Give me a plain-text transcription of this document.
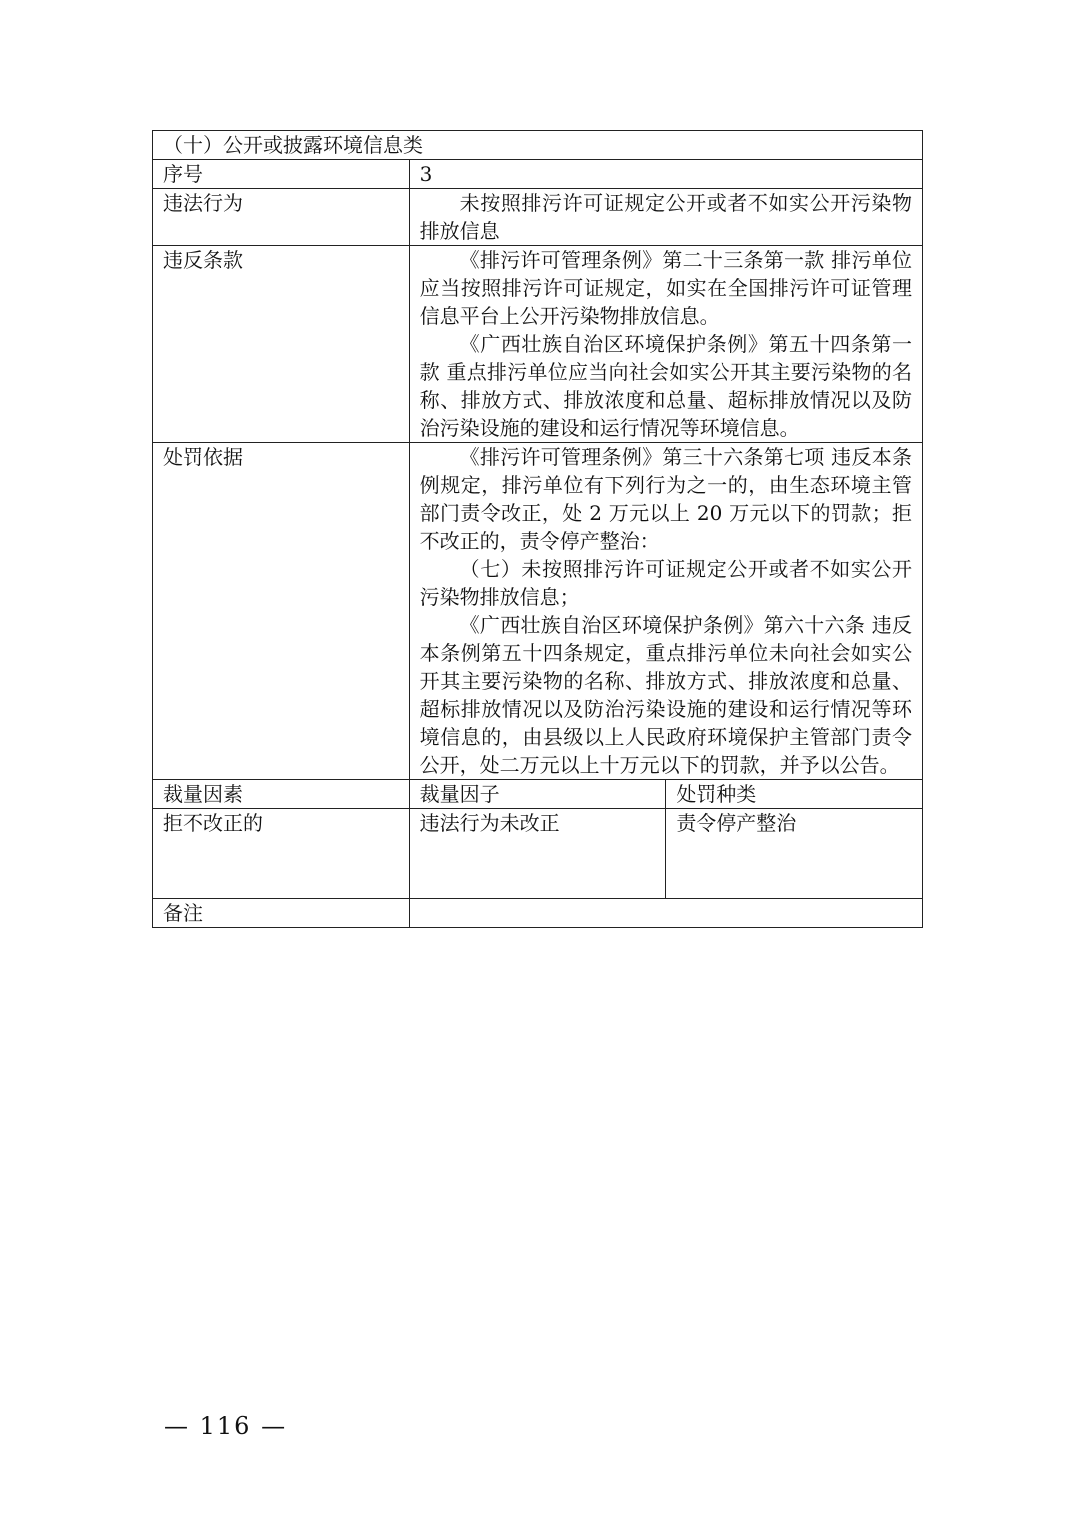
（十）公开或披露环境信息类		
序号	3	
违法行为	未按照排污许可证规定公开或者不如实公开污染物排放信息	

违反条款	《排污许可管理条例》第二十三条第一款 排污单位应当按照排污许可证规定，如实在全国排污许可证管理信息平台上公开污染物排放信息。

《广西壮族自治区环境保护条例》第五十四条第一款 重点排污单位应当向社会如实公开其主要污染物的名称、排放方式、排放浓度和总量、超标排放情况以及防治污染设施的建设和运行情况等环境信息。	

处罚依据	《排污许可管理条例》第三十六条第七项 违反本条例规定，排污单位有下列行为之一的，由生态环境主管部门责令改正，处 2 万元以上 20 万元以下的罚款；拒不改正的，责令停产整治：

（七）未按照排污许可证规定公开或者不如实公开污染物排放信息；

《广西壮族自治区环境保护条例》第六十六条 违反本条例第五十四条规定，重点排污单位未向社会如实公开其主要污染物的名称、排放方式、排放浓度和总量、超标排放情况以及防治污染设施的建设和运行情况等环境信息的，由县级以上人民政府环境保护主管部门责令公开，处二万元以上十万元以下的罚款，并予以公告。	

裁量因素	裁量因子	处罚种类
拒不改正的	违法行为未改正	责令停产整治
备注		
— 116 —
